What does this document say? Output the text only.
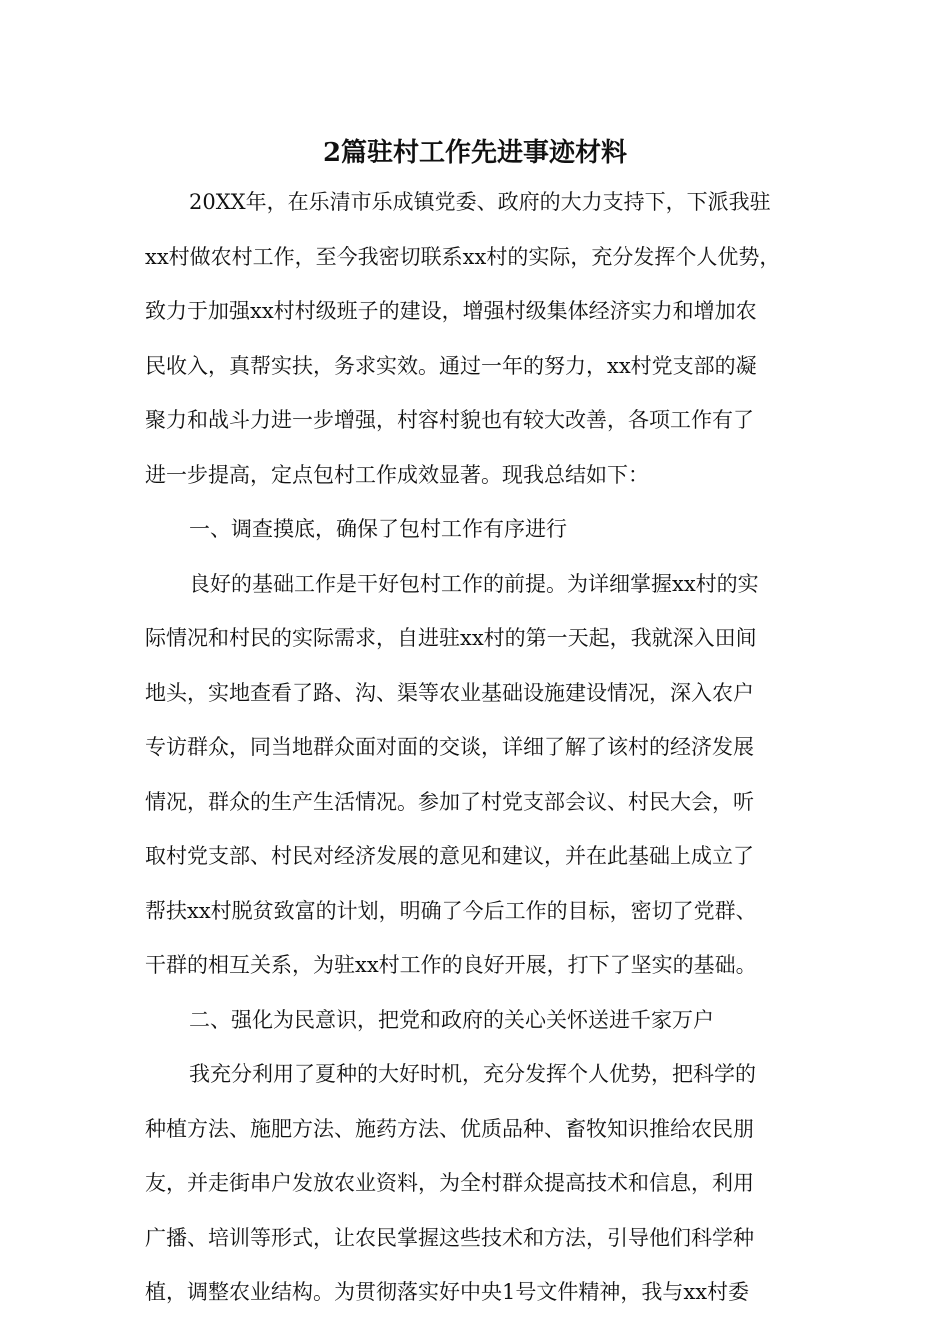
2篇驻村工作先进事迹材料
20XX年，在乐清市乐成镇党委、政府的大力支持下，下派我驻
xx村做农村工作，至今我密切联系xx村的实际，充分发挥个人优势，
致力于加强xx村村级班子的建设，增强村级集体经济实力和增加农
民收入，真帮实扶，务求实效。通过一年的努力，xx村党支部的凝
聚力和战斗力进一步增强，村容村貌也有较大改善，各项工作有了
进一步提高，定点包村工作成效显著。现我总结如下：
一、调查摸底，确保了包村工作有序进行
良好的基础工作是干好包村工作的前提。为详细掌握xx村的实
际情况和村民的实际需求，自进驻xx村的第一天起，我就深入田间
地头，实地查看了路、沟、渠等农业基础设施建设情况，深入农户
专访群众，同当地群众面对面的交谈，详细了解了该村的经济发展
情况，群众的生产生活情况。参加了村党支部会议、村民大会，听
取村党支部、村民对经济发展的意见和建议，并在此基础上成立了
帮扶xx村脱贫致富的计划，明确了今后工作的目标，密切了党群、
干群的相互关系，为驻xx村工作的良好开展，打下了坚实的基础。
二、强化为民意识，把党和政府的关心关怀送进千家万户
我充分利用了夏种的大好时机，充分发挥个人优势，把科学的
种植方法、施肥方法、施药方法、优质品种、畜牧知识推给农民朋
友，并走街串户发放农业资料，为全村群众提高技术和信息，利用
广播、培训等形式，让农民掌握这些技术和方法，引导他们科学种
植，调整农业结构。为贯彻落实好中央1号文件精神，我与xx村委
